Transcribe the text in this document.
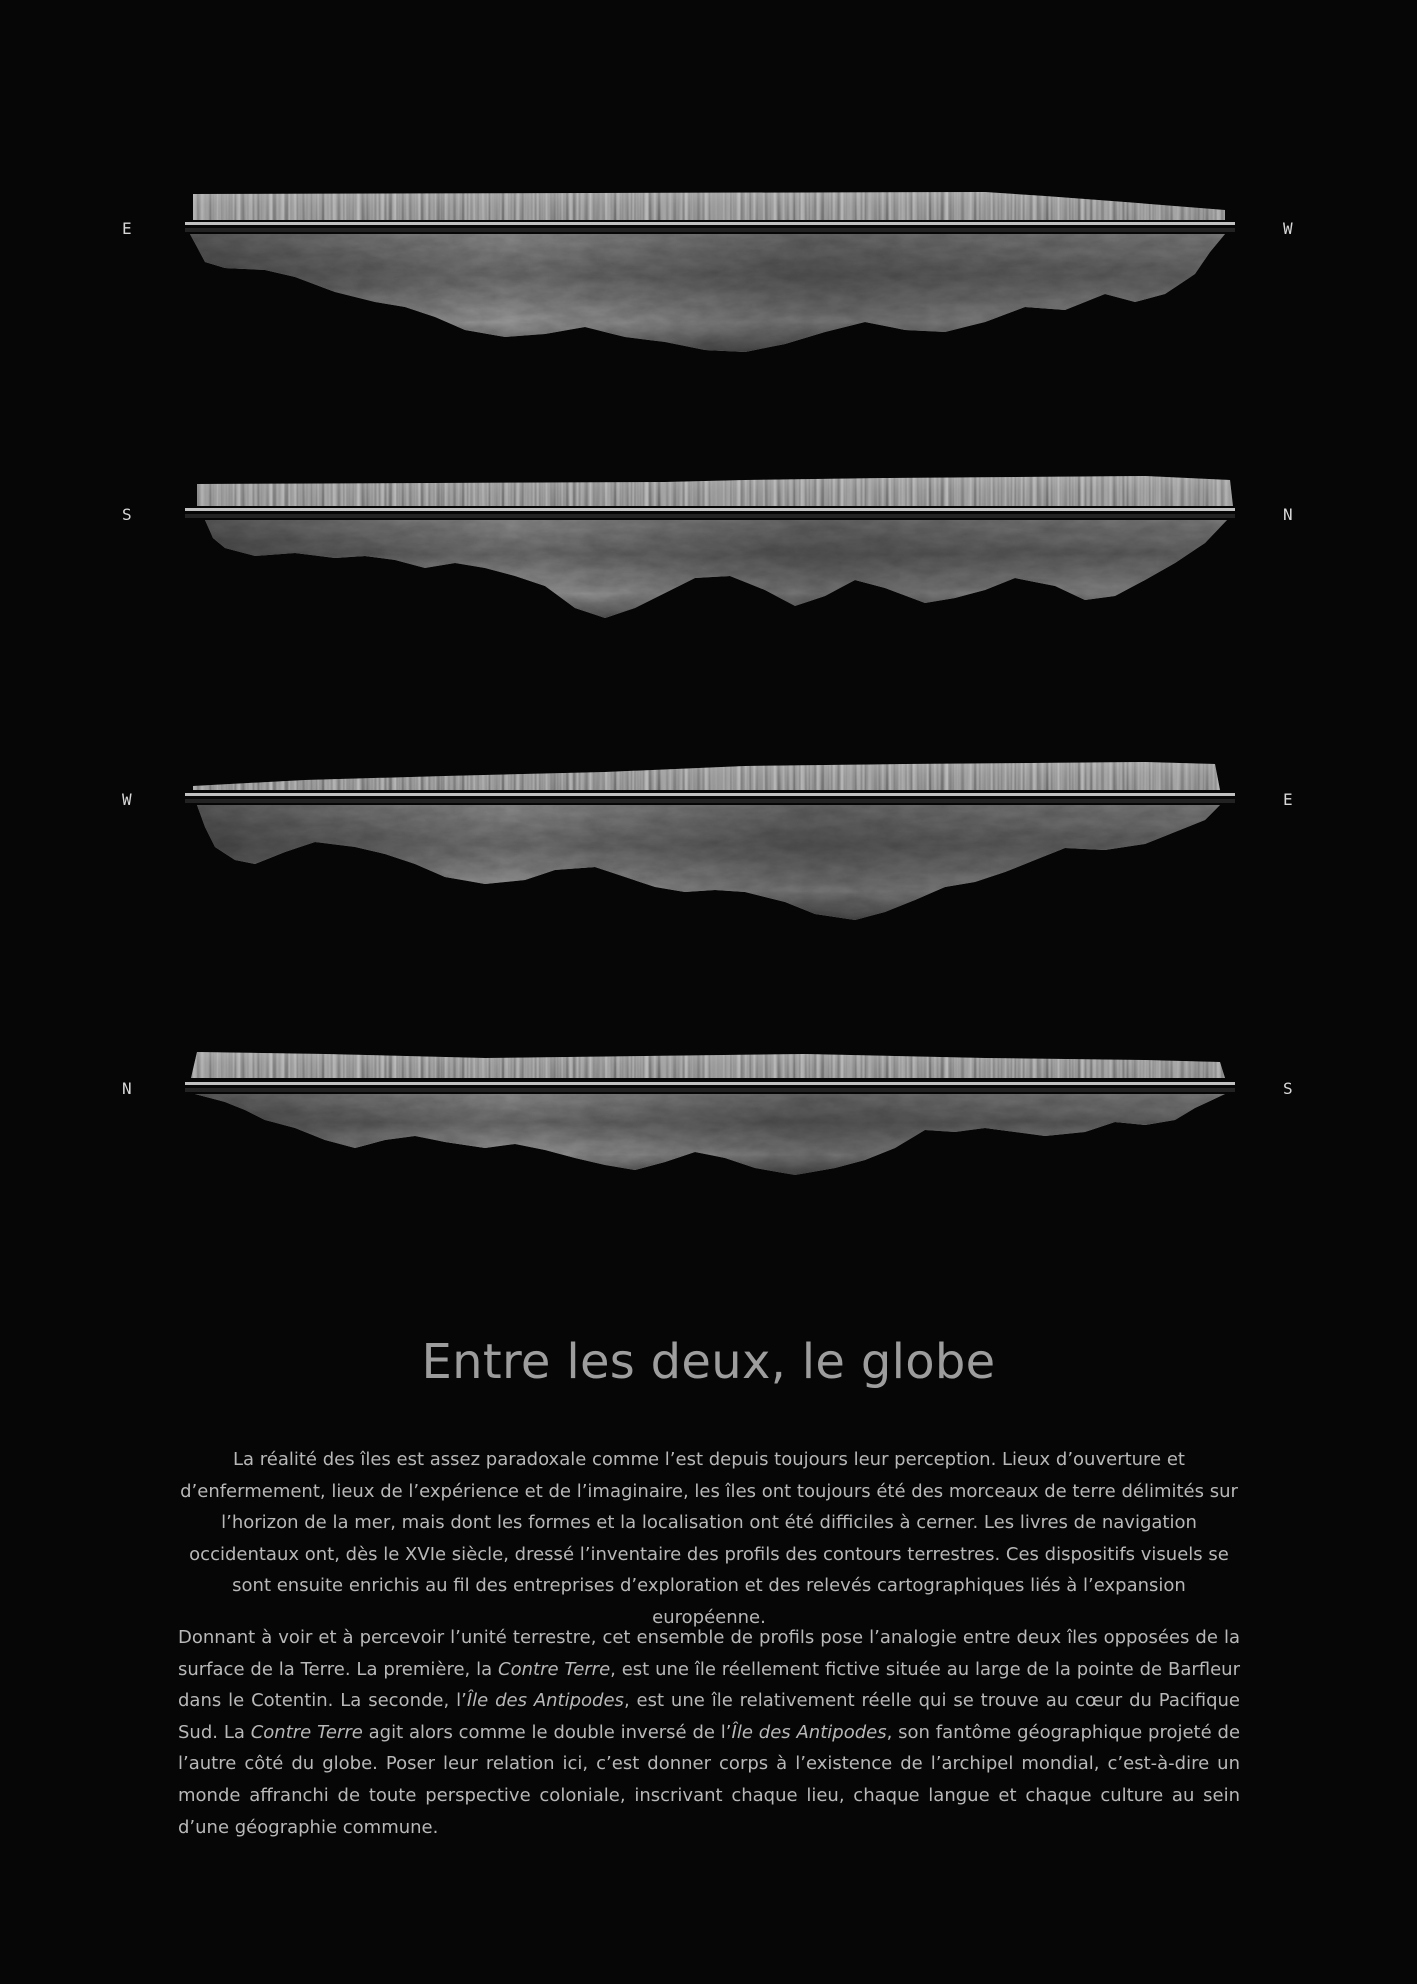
E	W
S	N
W	E
N	S
Entre les deux, le globe

La réalité des îles est assez paradoxale comme l’est depuis toujours leur perception. Lieux d’ouverture et d’enfermement, lieux de l’expérience et de l’imaginaire, les îles ont toujours été des morceaux de terre délimités sur l’horizon de la mer, mais dont les formes et la localisation ont été difficiles à cerner. Les livres de navigation occidentaux ont, dès le XVIe siècle, dressé l’inventaire des profils des contours terrestres. Ces dispositifs visuels se sont ensuite enrichis au fil des entreprises d’exploration et des relevés cartographiques liés à l’expansion européenne.

Donnant à voir et à percevoir l’unité terrestre, cet ensemble de profils pose l’analogie entre deux îles opposées de la surface de la Terre. La première, la Contre Terre, est une île réellement fictive située au large de la pointe de Barfleur dans le Cotentin. La seconde, l’Île des Antipodes, est une île relativement réelle qui se trouve au cœur du Pacifique Sud. La Contre Terre agit alors comme le double inversé de l’Île des Antipodes, son fantôme géographique projeté de l’autre côté du globe. Poser leur relation ici, c’est donner corps à l’existence de l’archipel mondial, c’est-à-dire un monde affranchi de toute perspective coloniale, inscrivant chaque lieu, chaque langue et chaque culture au sein d’une géographie commune.
